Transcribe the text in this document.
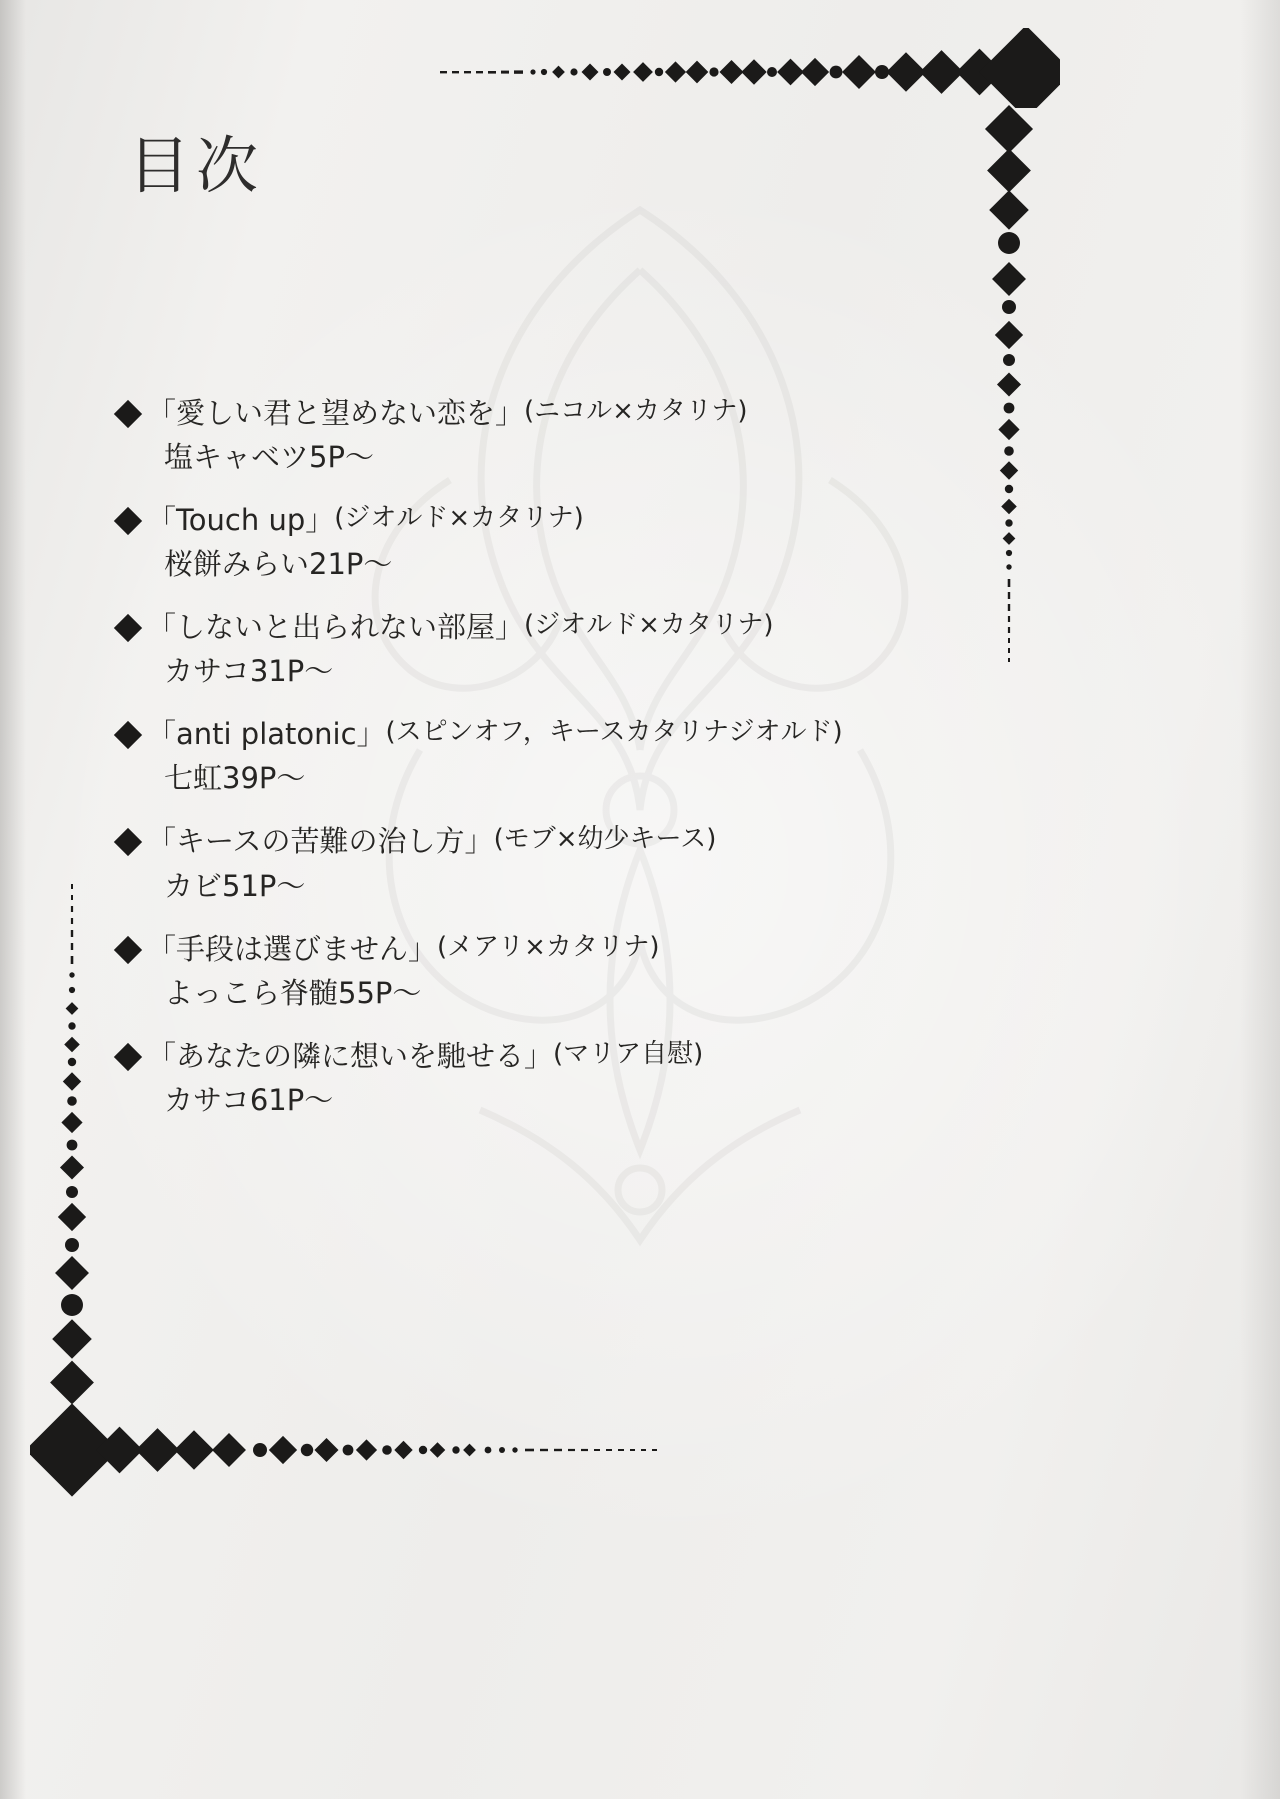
目次
「愛しい君と望めない恋を」 (ニコル×カタリナ)
塩キャベツ5P〜
「Touch up」 (ジオルド×カタリナ)
桜餅みらい21P〜
「しないと出られない部屋」 (ジオルド×カタリナ)
カサコ31P〜
「anti platonic」 (スピンオフ，キースカタリナジオルド)
七虹39P〜
「キースの苦難の治し方」 (モブ×幼少キース)
カビ51P〜
「手段は選びません」 (メアリ×カタリナ)
よっこら脊髄55P〜
「あなたの隣に想いを馳せる」 (マリア自慰)
カサコ61P〜
